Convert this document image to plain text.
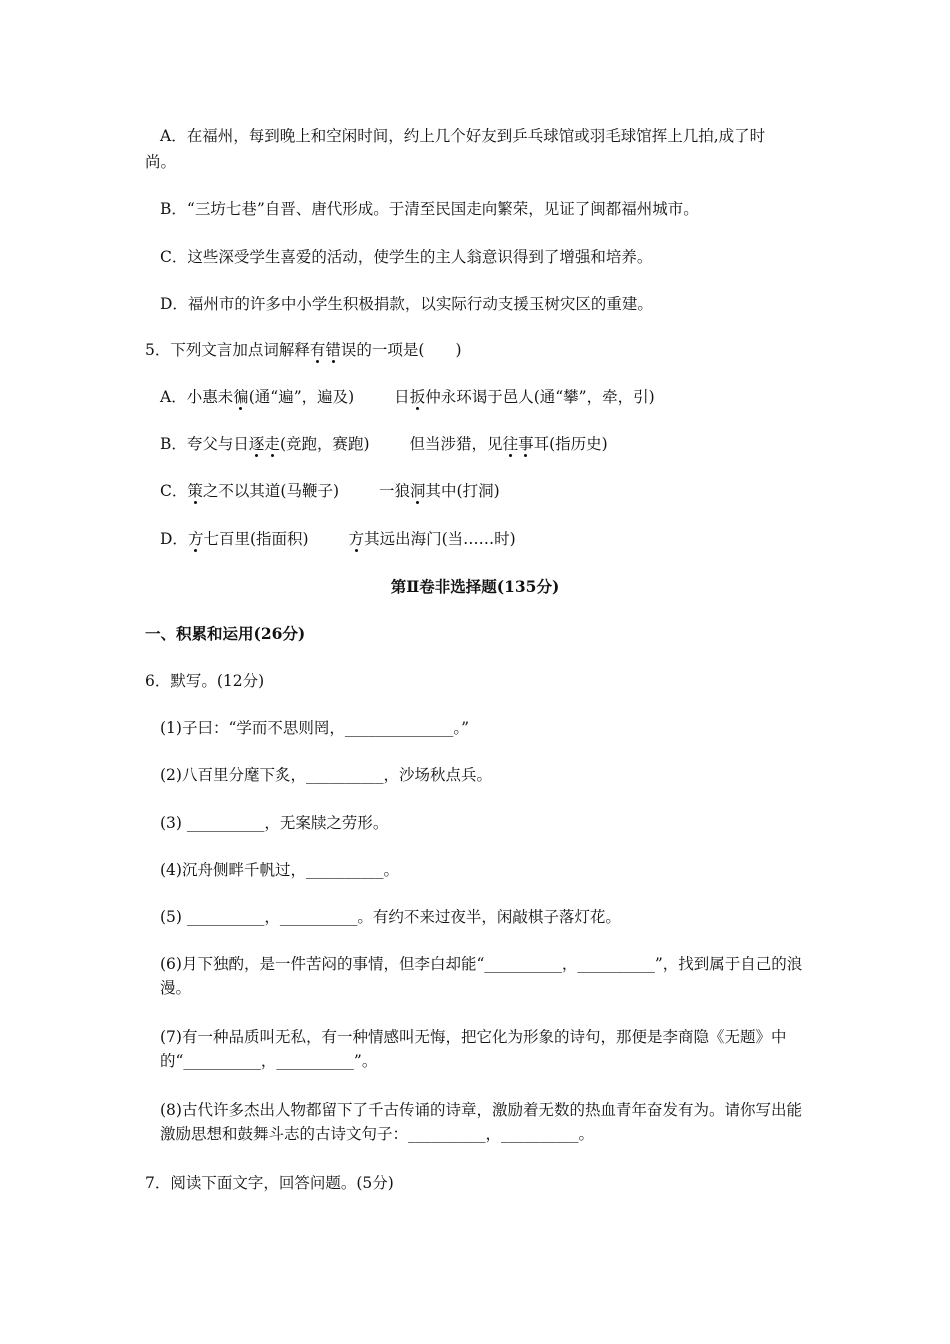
A．在福州，每到晚上和空闲时间，约上几个好友到乒乓球馆或羽毛球馆挥上几拍,成了时
尚。
B．“三坊七巷”自晋、唐代形成。于清至民国走向繁荣，见证了闽都福州城市。
C．这些深受学生喜爱的活动，使学生的主人翁意识得到了增强和培养。
D．福州市的许多中小学生积极捐款，以实际行动支援玉树灾区的重建。
5．下列文言加点词解释有错误的一项是(　　)
A．小惠未徧(通“遍”，遍及)	日扳仲永环谒于邑人(通“攀”，牵，引)
B．夸父与日逐走(竞跑，赛跑)	但当涉猎，见往事耳(指历史)
C．策之不以其道(马鞭子)	一狼洞其中(打洞)
D．方七百里(指面积)	方其远出海门(当……时)
第Ⅱ卷非选择题(135分)
一、积累和运用(26分)
6．默写。(12分)
(1)子曰：“学而不思则罔，______________。”
(2)八百里分麾下炙，__________，沙场秋点兵。
(3) __________，无案牍之劳形。
(4)沉舟侧畔千帆过，__________。
(5) __________，__________。有约不来过夜半，闲敲棋子落灯花。
(6)月下独酌，是一件苦闷的事情，但李白却能“__________，__________”，找到属于自己的浪漫。
(7)有一种品质叫无私，有一种情感叫无悔，把它化为形象的诗句，那便是李商隐《无题》中的“__________，__________”。
(8)古代许多杰出人物都留下了千古传诵的诗章，激励着无数的热血青年奋发有为。请你写出能激励思想和鼓舞斗志的古诗文句子：__________，__________。
7．阅读下面文字，回答问题。(5分)
